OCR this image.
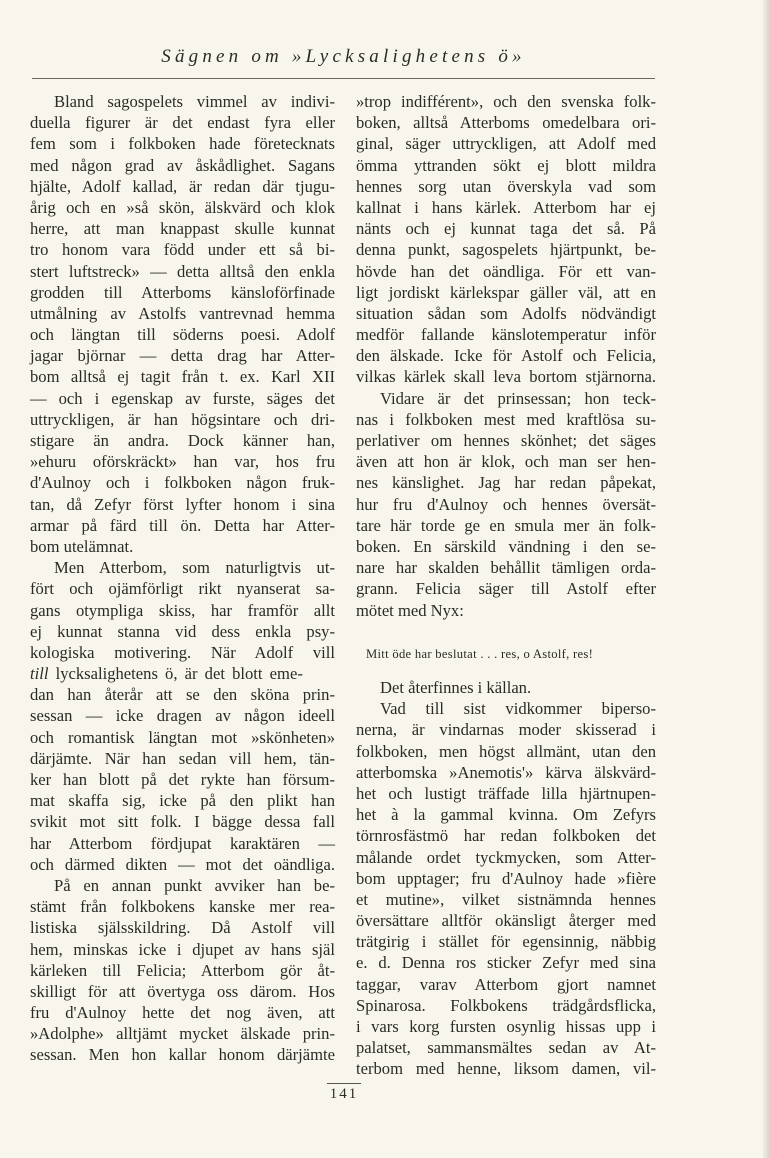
Sägnen om »Lycksalighetens ö»
Bland sagospelets vimmel av indivi-
duella figurer är det endast fyra eller
fem som i folkboken hade företecknats
med någon grad av åskådlighet. Sagans
hjälte, Adolf kallad, är redan där tjugu-
årig och en »så skön, älskvärd och klok
herre, att man knappast skulle kunnat
tro honom vara född under ett så bi-
stert luftstreck» — detta alltså den enkla
grodden till Atterboms känsloförfinade
utmålning av Astolfs vantrevnad hemma
och längtan till söderns poesi. Adolf
jagar björnar — detta drag har Atter-
bom alltså ej tagit från t. ex. Karl XII
— och i egenskap av furste, säges det
uttryckligen, är han högsintare och dri-
stigare än andra. Dock känner han,
»ehuru oförskräckt» han var, hos fru
d'Aulnoy och i folkboken någon fruk-
tan, då Zefyr först lyfter honom i sina
armar på färd till ön. Detta har Atter-
bom utelämnat.
Men Atterbom, som naturligtvis ut-
fört och ojämförligt rikt nyanserat sa-
gans otympliga skiss, har framför allt
ej kunnat stanna vid dess enkla psy-
kologiska motivering. När Adolf vill
till lycksalighetens ö, är det blott eme-
dan han återår att se den sköna prin-
sessan — icke dragen av någon ideell
och romantisk längtan mot »skönheten»
därjämte. När han sedan vill hem, tän-
ker han blott på det rykte han försum-
mat skaffa sig, icke på den plikt han
svikit mot sitt folk. I bägge dessa fall
har Atterbom fördjupat karaktären —
och därmed dikten — mot det oändliga.
På en annan punkt avviker han be-
stämt från folkbokens kanske mer rea-
listiska själsskildring. Då Astolf vill
hem, minskas icke i djupet av hans själ
kärleken till Felicia; Atterbom gör åt-
skilligt för att övertyga oss därom. Hos
fru d'Aulnoy hette det nog även, att
»Adolphe» alltjämt mycket älskade prin-
sessan. Men hon kallar honom därjämte
»trop indifférent», och den svenska folk-
boken, alltså Atterboms omedelbara ori-
ginal, säger uttryckligen, att Adolf med
ömma yttranden sökt ej blott mildra
hennes sorg utan överskyla vad som
kallnat i hans kärlek. Atterbom har ej
nänts och ej kunnat taga det så. På
denna punkt, sagospelets hjärtpunkt, be-
hövde han det oändliga. För ett van-
ligt jordiskt kärlekspar gäller väl, att en
situation sådan som Adolfs nödvändigt
medför fallande känslotemperatur inför
den älskade. Icke för Astolf och Felicia,
vilkas kärlek skall leva bortom stjärnorna.
Vidare är det prinsessan; hon teck-
nas i folkboken mest med kraftlösa su-
perlativer om hennes skönhet; det säges
även att hon är klok, och man ser hen-
nes känslighet. Jag har redan påpekat,
hur fru d'Aulnoy och hennes översät-
tare här torde ge en smula mer än folk-
boken. En särskild vändning i den se-
nare har skalden behållit tämligen orda-
grann. Felicia säger till Astolf efter
mötet med Nyx:
Mitt öde har beslutat . . . res, o Astolf, res!
Det återfinnes i källan.
Vad till sist vidkommer biperso-
nerna, är vindarnas moder skisserad i
folkboken, men högst allmänt, utan den
atterbomska »Anemotis'» kärva älskvärd-
het och lustigt träffade lilla hjärtnupen-
het à la gammal kvinna. Om Zefyrs
törnrosfästmö har redan folkboken det
målande ordet tyckmycken, som Atter-
bom upptager; fru d'Aulnoy hade »fière
et mutine», vilket sistnämnda hennes
översättare alltför okänsligt återger med
trätgirig i stället för egensinnig, näbbig
e. d. Denna ros sticker Zefyr med sina
taggar, varav Atterbom gjort namnet
Spinarosa. Folkbokens trädgårdsflicka,
i vars korg fursten osynlig hissas upp i
palatset, sammansmältes sedan av At-
terbom med henne, liksom damen, vil-
141
